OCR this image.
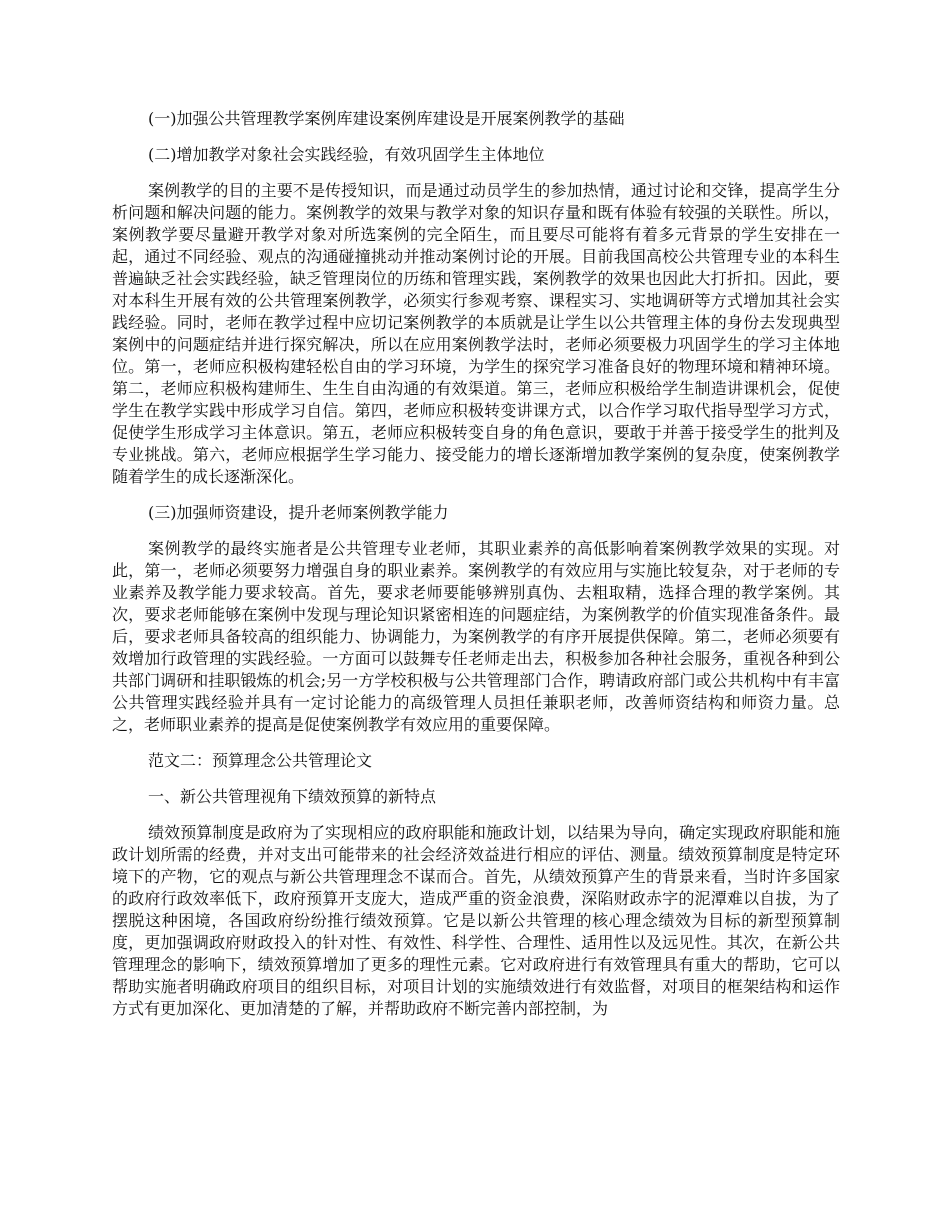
(一)加强公共管理教学案例库建设案例库建设是开展案例教学的基础

(二)增加教学对象社会实践经验，有效巩固学生主体地位

案例教学的目的主要不是传授知识，而是通过动员学生的参加热情，通过讨论和交锋，提高学生分析问题和解决问题的能力。案例教学的效果与教学对象的知识存量和既有体验有较强的关联性。所以，案例教学要尽量避开教学对象对所选案例的完全陌生，而且要尽可能将有着多元背景的学生安排在一起，通过不同经验、观点的沟通碰撞挑动并推动案例讨论的开展。目前我国高校公共管理专业的本科生普遍缺乏社会实践经验，缺乏管理岗位的历练和管理实践，案例教学的效果也因此大打折扣。因此，要对本科生开展有效的公共管理案例教学，必须实行参观考察、课程实习、实地调研等方式增加其社会实践经验。同时，老师在教学过程中应切记案例教学的本质就是让学生以公共管理主体的身份去发现典型案例中的问题症结并进行探究解决，所以在应用案例教学法时，老师必须要极力巩固学生的学习主体地位。第一，老师应积极构建轻松自由的学习环境，为学生的探究学习准备良好的物理环境和精神环境。第二，老师应积极构建师生、生生自由沟通的有效渠道。第三，老师应积极给学生制造讲课机会，促使学生在教学实践中形成学习自信。第四，老师应积极转变讲课方式，以合作学习取代指导型学习方式，促使学生形成学习主体意识。第五，老师应积极转变自身的角色意识，要敢于并善于接受学生的批判及专业挑战。第六，老师应根据学生学习能力、接受能力的增长逐渐增加教学案例的复杂度，使案例教学随着学生的成长逐渐深化。

(三)加强师资建设，提升老师案例教学能力

案例教学的最终实施者是公共管理专业老师，其职业素养的高低影响着案例教学效果的实现。对此，第一，老师必须要努力增强自身的职业素养。案例教学的有效应用与实施比较复杂，对于老师的专业素养及教学能力要求较高。首先，要求老师要能够辨别真伪、去粗取精，选择合理的教学案例。其次，要求老师能够在案例中发现与理论知识紧密相连的问题症结，为案例教学的价值实现准备条件。最后，要求老师具备较高的组织能力、协调能力，为案例教学的有序开展提供保障。第二，老师必须要有效增加行政管理的实践经验。一方面可以鼓舞专任老师走出去，积极参加各种社会服务，重视各种到公共部门调研和挂职锻炼的机会;另一方学校积极与公共管理部门合作，聘请政府部门或公共机构中有丰富公共管理实践经验并具有一定讨论能力的高级管理人员担任兼职老师，改善师资结构和师资力量。总之，老师职业素养的提高是促使案例教学有效应用的重要保障。

范文二：预算理念公共管理论文

一、新公共管理视角下绩效预算的新特点

绩效预算制度是政府为了实现相应的政府职能和施政计划，以结果为导向，确定实现政府职能和施政计划所需的经费，并对支出可能带来的社会经济效益进行相应的评估、测量。绩效预算制度是特定环境下的产物，它的观点与新公共管理理念不谋而合。首先，从绩效预算产生的背景来看，当时许多国家的政府行政效率低下，政府预算开支庞大，造成严重的资金浪费，深陷财政赤字的泥潭难以自拔，为了摆脱这种困境，各国政府纷纷推行绩效预算。它是以新公共管理的核心理念绩效为目标的新型预算制度，更加强调政府财政投入的针对性、有效性、科学性、合理性、适用性以及远见性。其次，在新公共管理理念的影响下，绩效预算增加了更多的理性元素。它对政府进行有效管理具有重大的帮助，它可以帮助实施者明确政府项目的组织目标，对项目计划的实施绩效进行有效监督，对项目的框架结构和运作方式有更加深化、更加清楚的了解，并帮助政府不断完善内部控制，为
